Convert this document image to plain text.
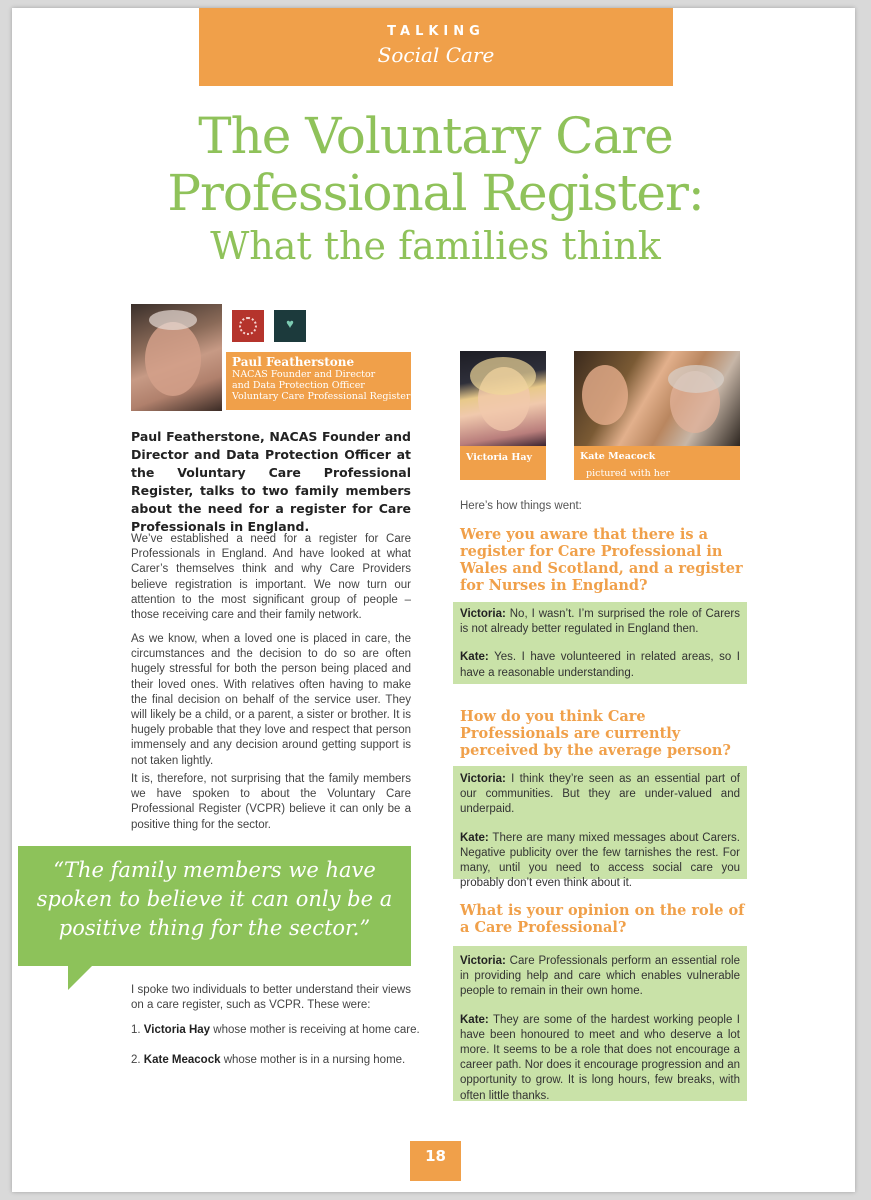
TALKING
Social Care
The Voluntary Care
Professional Register:
What the families think
♥
Paul Featherstone
NACAS Founder and Director
and Data Protection Officer
Voluntary Care Professional Register
Paul Featherstone, NACAS Founder and Director and Data Protection Officer at the Voluntary Care Professional Register, talks to two family members about the need for a register for Care Professionals in England.

We’ve established a need for a register for Care Professionals in England. And have looked at what Carer’s themselves think and why Care Providers believe registration is important. We now turn our attention to the most significant group of people – those receiving care and their family network.

As we know, when a loved one is placed in care, the circumstances and the decision to do so are often hugely stressful for both the person being placed and their loved ones. With relatives often having to make the final decision on behalf of the service user. They will likely be a child, or a parent, a sister or brother. It is hugely probable that they love and respect that person immensely and any decision around getting support is not taken lightly.

It is, therefore, not surprising that the family members we have spoken to about the Voluntary Care Professional Register (VCPR) believe it can only be a positive thing for the sector.

“The family members we have
spoken to believe it can only be a
positive thing for the sector.”

I spoke two individuals to better understand their views on a care register, such as VCPR. These were:

1. Victoria Hay whose mother is receiving at home care.
2. Kate Meacock whose mother is in a nursing home.
Victoria Hay	Kate Meacock
pictured with her

much loved mother.
Here’s how things went:

Were you aware that there is a register for Care Professional in Wales and Scotland, and a register for Nurses in England?

Victoria: No, I wasn’t. I’m surprised the role of Carers is not already better regulated in England then.

Kate: Yes. I have volunteered in related areas, so I have a reasonable understanding.

How do you think Care Professionals are currently perceived by the average person?

Victoria: I think they’re seen as an essential part of our communities. But they are under-valued and underpaid.

Kate: There are many mixed messages about Carers. Negative publicity over the few tarnishes the rest. For many, until you need to access social care you probably don’t even think about it.

What is your opinion on the role of a Care Professional?

Victoria: Care Professionals perform an essential role in providing help and care which enables vulnerable people to remain in their own home.

Kate: They are some of the hardest working people I have been honoured to meet and who deserve a lot more. It seems to be a role that does not encourage a career path. Nor does it encourage progression and an opportunity to grow. It is long hours, few breaks, with often little thanks.

18
